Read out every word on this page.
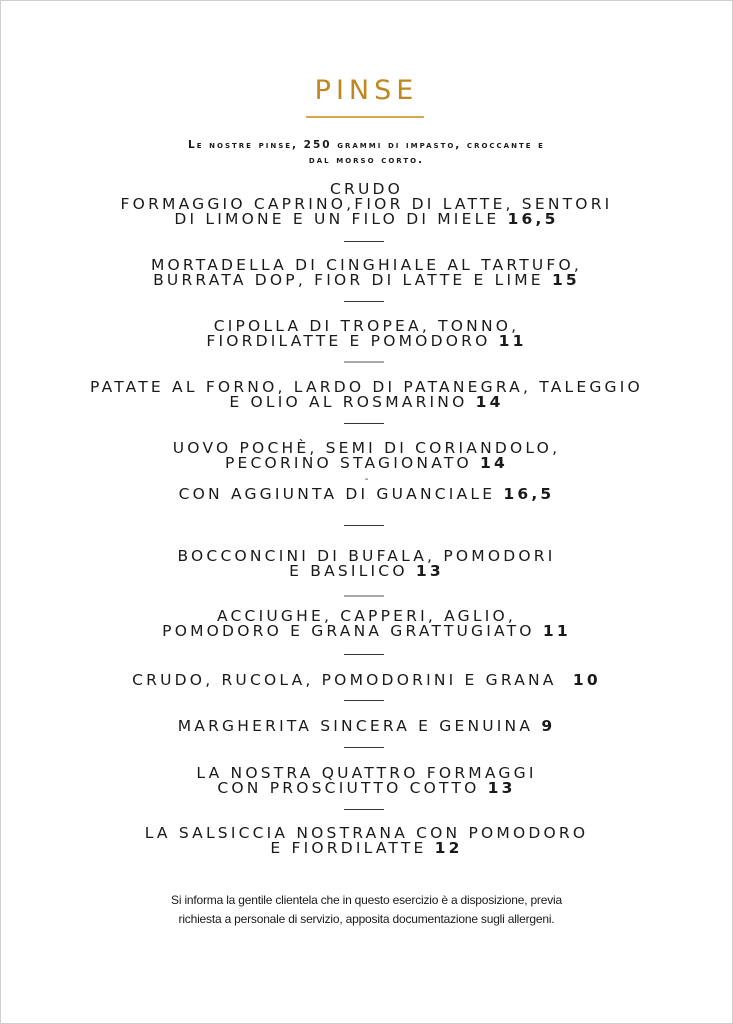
PINSE
Le nostre pinse, 250 grammi di impasto, croccante e
dal morso corto.
CRUDO
FORMAGGIO CAPRINO,FIOR DI LATTE, SENTORI
DI LIMONE E UN FILO DI MIELE 16,5
MORTADELLA DI CINGHIALE AL TARTUFO,
BURRATA DOP, FIOR DI LATTE E LIME 15
CIPOLLA DI TROPEA, TONNO,
FIORDILATTE E POMODORO 11
PATATE AL FORNO, LARDO DI PATANEGRA, TALEGGIO
E OLIO AL ROSMARINO 14
UOVO POCHÈ, SEMI DI CORIANDOLO,
PECORINO STAGIONATO 14
-
CON AGGIUNTA DI GUANCIALE 16,5
BOCCONCINI DI BUFALA, POMODORI
E BASILICO 13
ACCIUGHE, CAPPERI, AGLIO,
POMODORO E GRANA GRATTUGIATO 11
CRUDO, RUCOLA, POMODORINI E GRANA 10
MARGHERITA SINCERA E GENUINA 9
LA NOSTRA QUATTRO FORMAGGI
CON PROSCIUTTO COTTO 13
LA SALSICCIA NOSTRANA CON POMODORO
E FIORDILATTE 12
Si informa la gentile clientela che in questo esercizio è a disposizione, previa
richiesta a personale di servizio, apposita documentazione sugli allergeni.
